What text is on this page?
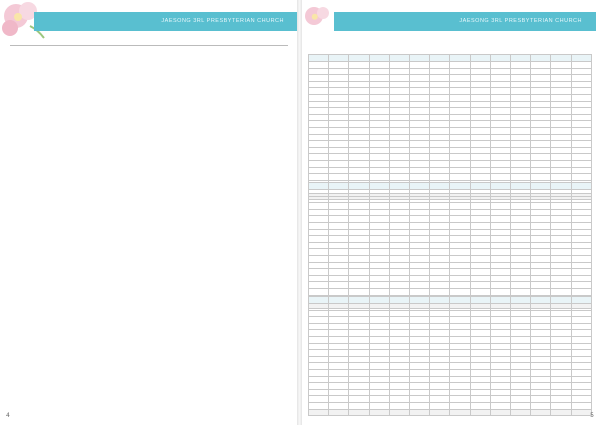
JAESONG 3RL PRESBYTERIAN CHURCH
4
JAESONG 3RL PRESBYTERIAN CHURCH

5
